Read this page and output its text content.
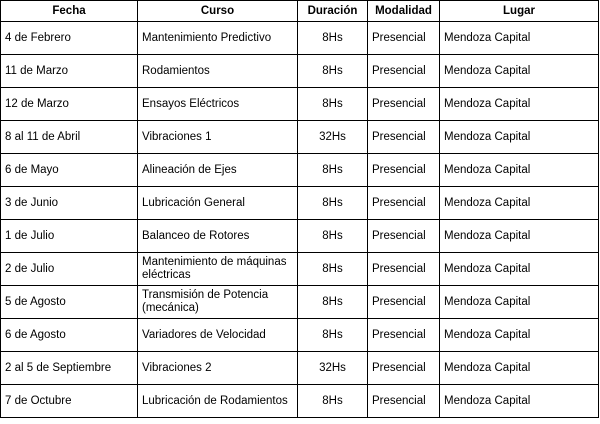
Fecha	Curso	Duración	Modalidad	Lugar
4 de Febrero	Mantenimiento Predictivo	8Hs	Presencial	Mendoza Capital
11 de Marzo	Rodamientos	8Hs	Presencial	Mendoza Capital
12 de Marzo	Ensayos Eléctricos	8Hs	Presencial	Mendoza Capital
8 al 11 de Abril	Vibraciones 1	32Hs	Presencial	Mendoza Capital
6 de Mayo	Alineación de Ejes	8Hs	Presencial	Mendoza Capital
3 de Junio	Lubricación General	8Hs	Presencial	Mendoza Capital
1 de Julio	Balanceo de Rotores	8Hs	Presencial	Mendoza Capital
2 de Julio	Mantenimiento de máquinas eléctricas	8Hs	Presencial	Mendoza Capital
5 de Agosto	Transmisión de Potencia (mecánica)	8Hs	Presencial	Mendoza Capital
6 de Agosto	Variadores de Velocidad	8Hs	Presencial	Mendoza Capital
2 al 5 de Septiembre	Vibraciones 2	32Hs	Presencial	Mendoza Capital
7 de Octubre	Lubricación de Rodamientos	8Hs	Presencial	Mendoza Capital
